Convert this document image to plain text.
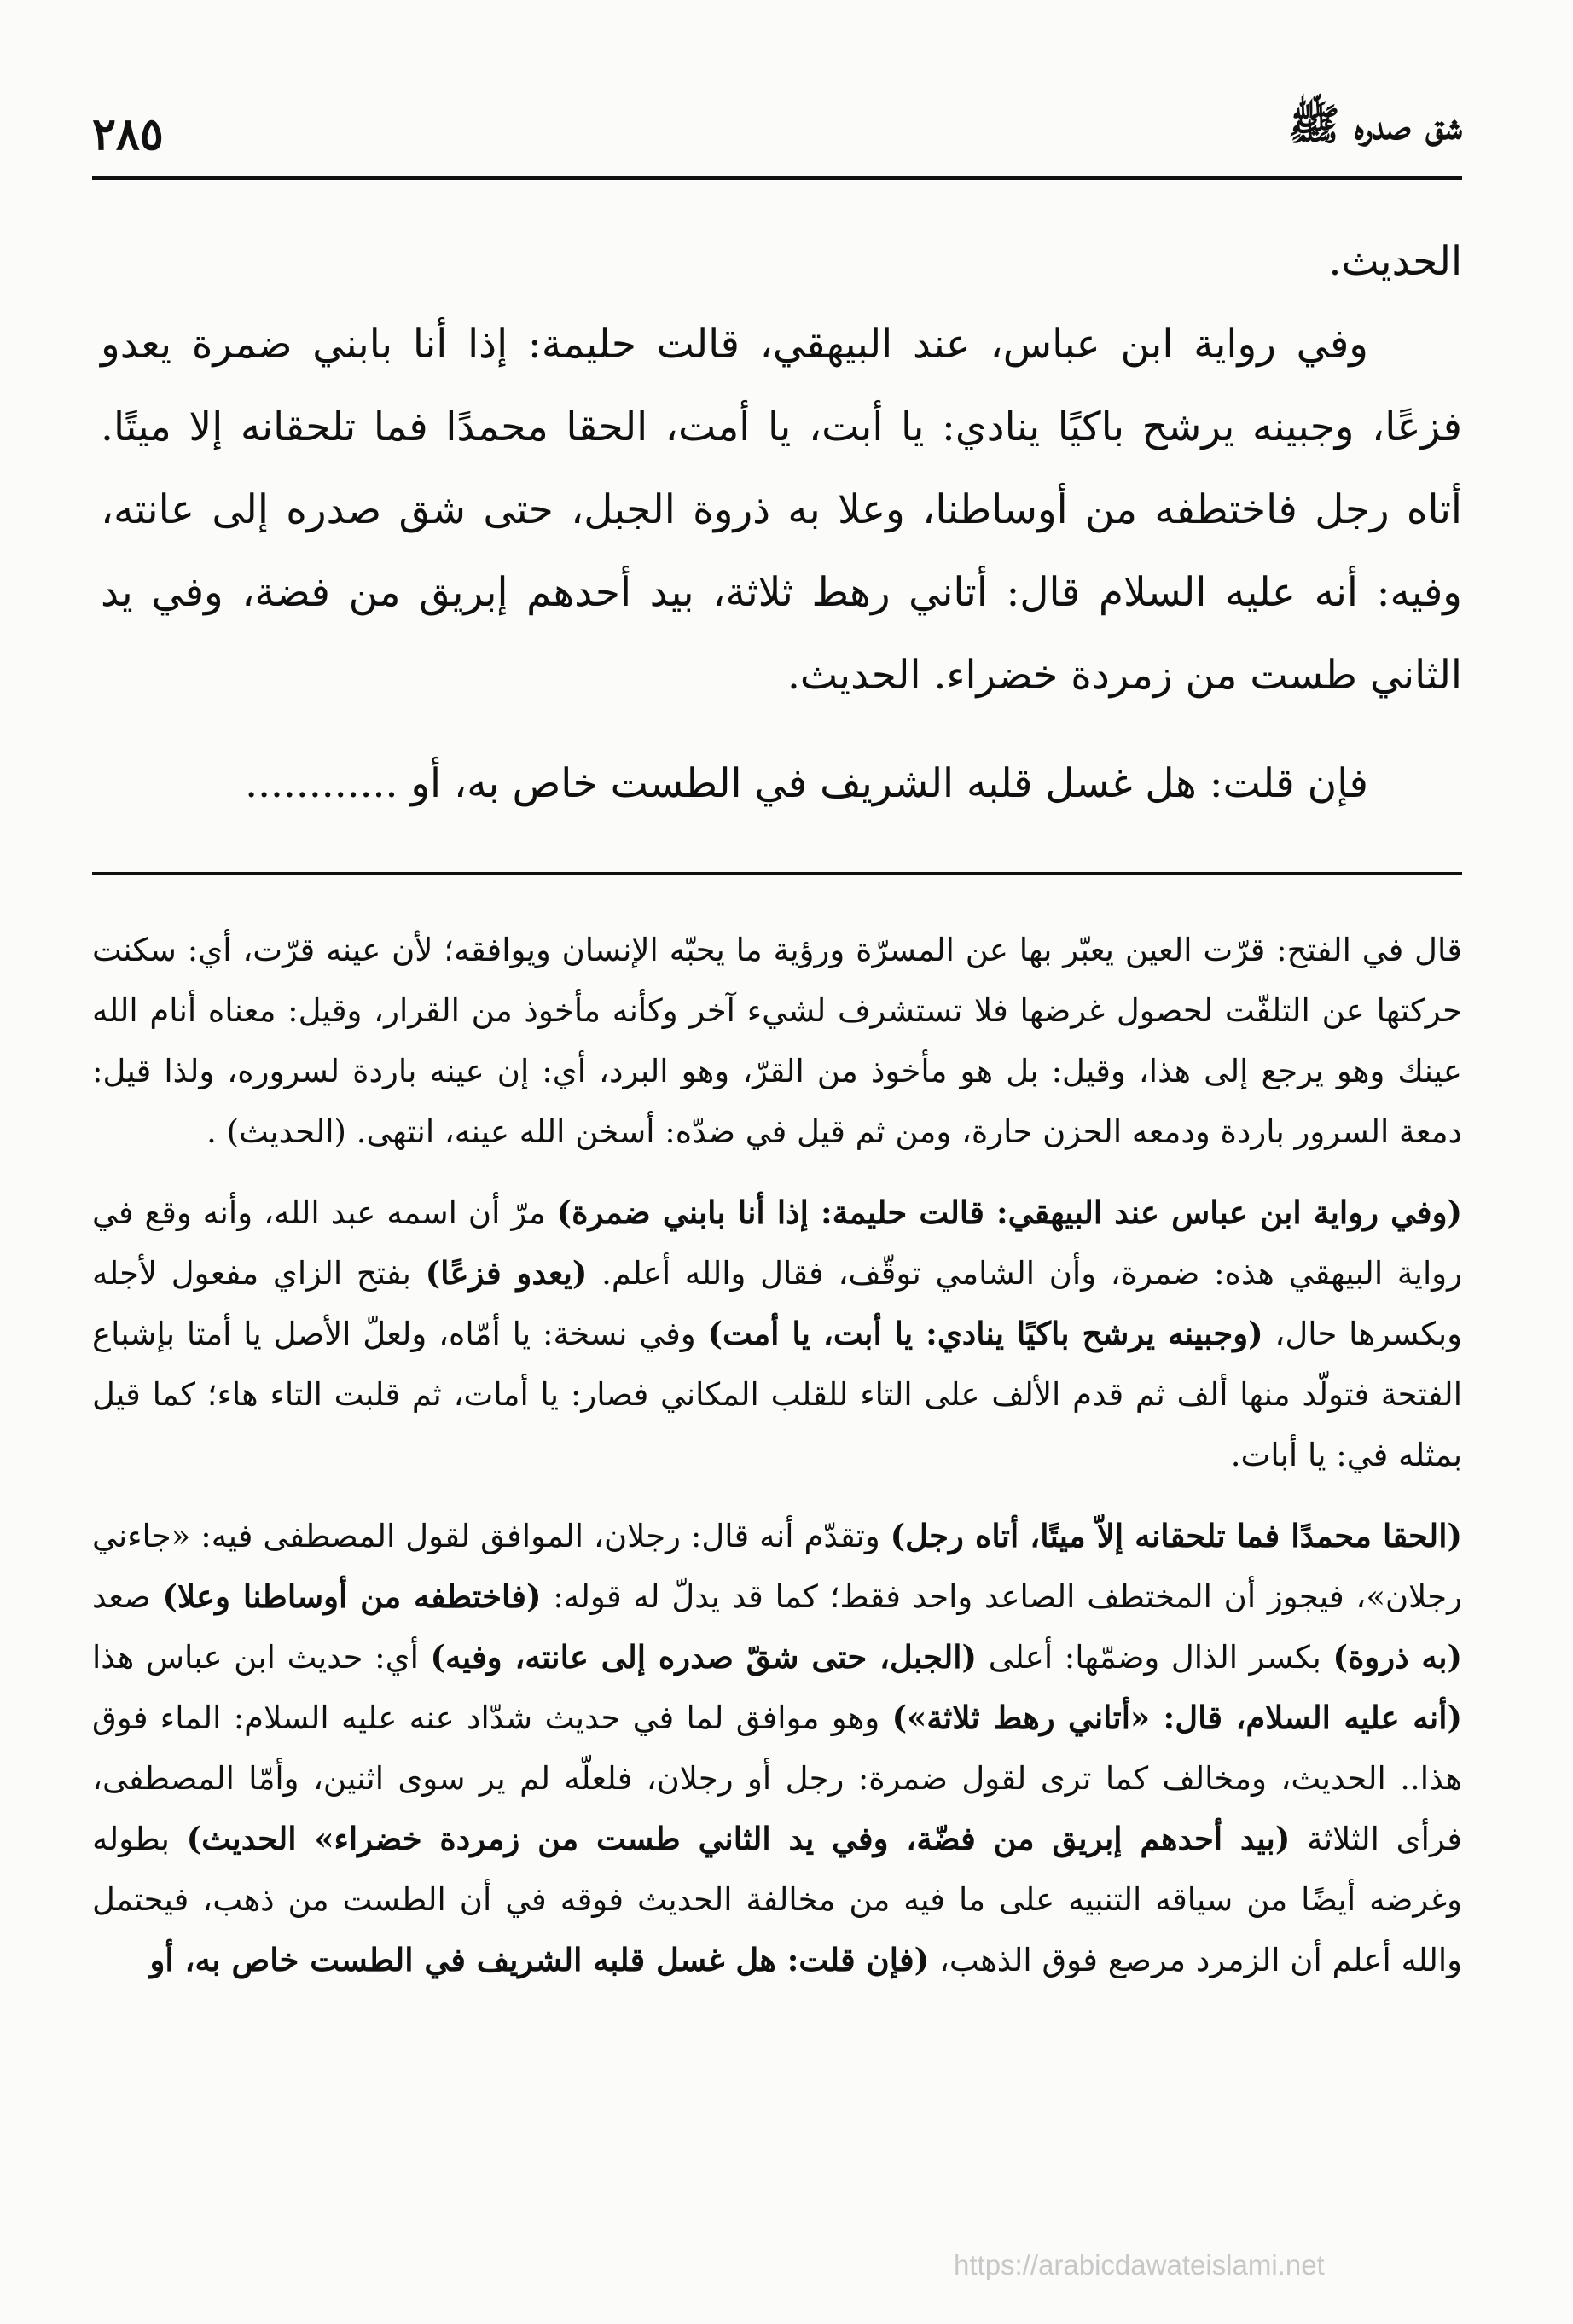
شق صدره ﷺ
٢٨٥

الحديث.

وفي رواية ابن عباس، عند البيهقي، قالت حليمة: إذا أنا بابني ضمرة يعدو فزعًا، وجبينه يرشح باكيًا ينادي: يا أبت، يا أمت، الحقا محمدًا فما تلحقانه إلا ميتًا. أتاه رجل فاختطفه من أوساطنا، وعلا به ذروة الجبل، حتى شق صدره إلى عانته، وفيه: أنه عليه السلام قال: أتاني رهط ثلاثة، بيد أحدهم إبريق من فضة، وفي يد الثاني طست من زمردة خضراء. الحديث.

فإن قلت: هل غسل قلبه الشريف في الطست خاص به، أو ............

قال في الفتح: قرّت العين يعبّر بها عن المسرّة ورؤية ما يحبّه الإنسان ويوافقه؛ لأن عينه قرّت، أي: سكنت حركتها عن التلفّت لحصول غرضها فلا تستشرف لشيء آخر وكأنه مأخوذ من القرار، وقيل: معناه أنام الله عينك وهو يرجع إلى هذا، وقيل: بل هو مأخوذ من القرّ، وهو البرد، أي: إن عينه باردة لسروره، ولذا قيل: دمعة السرور باردة ودمعه الحزن حارة، ومن ثم قيل في ضدّه: أسخن الله عينه، انتهى. (الحديث) .

(وفي رواية ابن عباس عند البيهقي: قالت حليمة: إذا أنا بابني ضمرة) مرّ أن اسمه عبد الله، وأنه وقع في رواية البيهقي هذه: ضمرة، وأن الشامي توقّف، فقال والله أعلم. (يعدو فزعًا) بفتح الزاي مفعول لأجله وبكسرها حال، (وجبينه يرشح باكيًا ينادي: يا أبت، يا أمت) وفي نسخة: يا أمّاه، ولعلّ الأصل يا أمتا بإشباع الفتحة فتولّد منها ألف ثم قدم الألف على التاء للقلب المكاني فصار: يا أمات، ثم قلبت التاء هاء؛ كما قيل بمثله في: يا أبات.

(الحقا محمدًا فما تلحقانه إلاّ ميتًا، أتاه رجل) وتقدّم أنه قال: رجلان، الموافق لقول المصطفى فيه: «جاءني رجلان»، فيجوز أن المختطف الصاعد واحد فقط؛ كما قد يدلّ له قوله: (فاختطفه من أوساطنا وعلا) صعد (به ذروة) بكسر الذال وضمّها: أعلى (الجبل، حتى شقّ صدره إلى عانته، وفيه) أي: حديث ابن عباس هذا (أنه عليه السلام، قال: «أتاني رهط ثلاثة») وهو موافق لما في حديث شدّاد عنه عليه السلام: الماء فوق هذا.. الحديث، ومخالف كما ترى لقول ضمرة: رجل أو رجلان، فلعلّه لم ير سوى اثنين، وأمّا المصطفى، فرأى الثلاثة (بيد أحدهم إبريق من فضّة، وفي يد الثاني طست من زمردة خضراء» الحديث) بطوله وغرضه أيضًا من سياقه التنبيه على ما فيه من مخالفة الحديث فوقه في أن الطست من ذهب، فيحتمل والله أعلم أن الزمرد مرصع فوق الذهب، (فإن قلت: هل غسل قلبه الشريف في الطست خاص به، أو

https://arabicdawateislami.net
